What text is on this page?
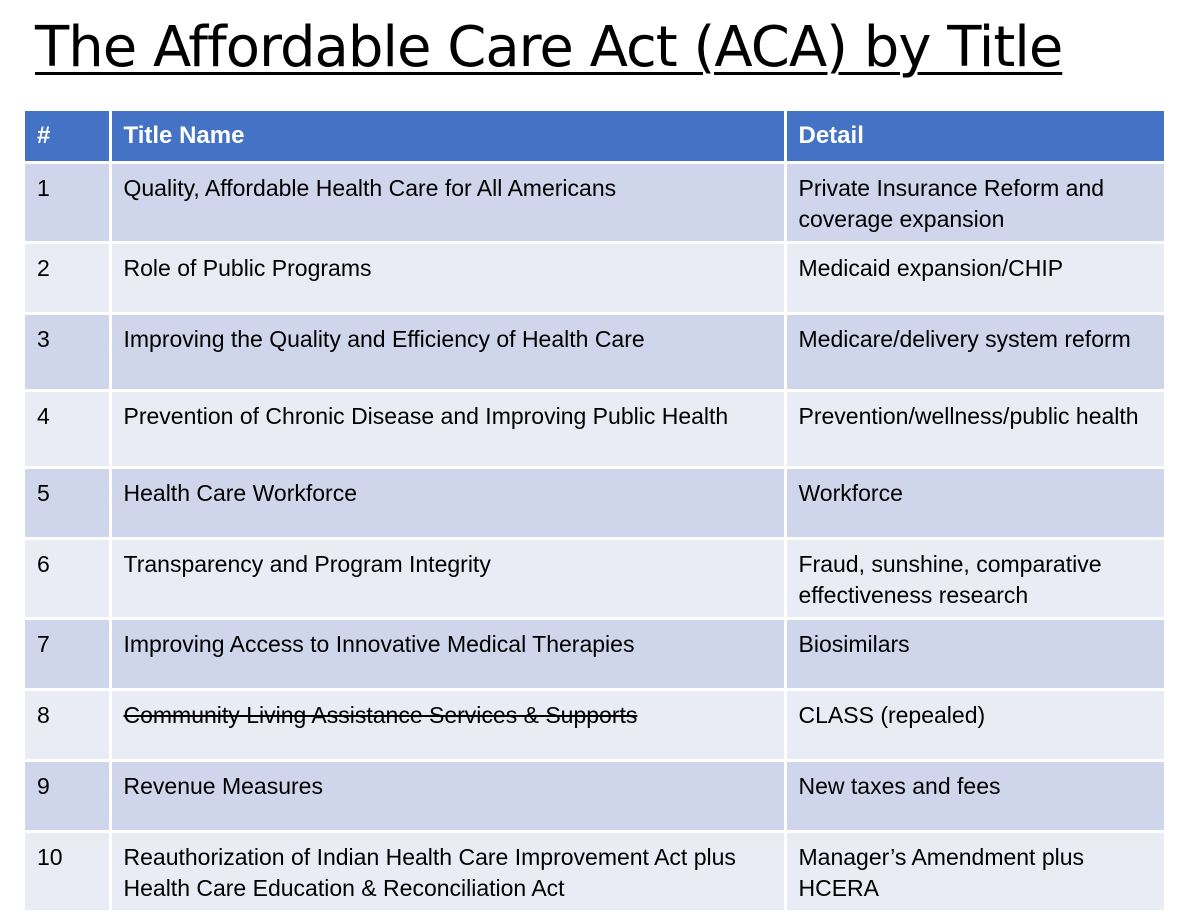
The Affordable Care Act (ACA) by Title
#	Title Name	Detail
1	Quality, Affordable Health Care for All Americans	Private Insurance Reform and coverage expansion
2	Role of Public Programs	Medicaid expansion/CHIP
3	Improving the Quality and Efficiency of Health Care	Medicare/delivery system reform
4	Prevention of Chronic Disease and Improving Public Health	Prevention/wellness/public health
5	Health Care Workforce	Workforce
6	Transparency and Program Integrity	Fraud, sunshine, comparative effectiveness research
7	Improving Access to Innovative Medical Therapies	Biosimilars
8	Community Living Assistance Services & Supports	CLASS (repealed)
9	Revenue Measures	New taxes and fees
10	Reauthorization of Indian Health Care Improvement Act plus Health Care Education & Reconciliation Act	Manager’s Amendment plus HCERA
